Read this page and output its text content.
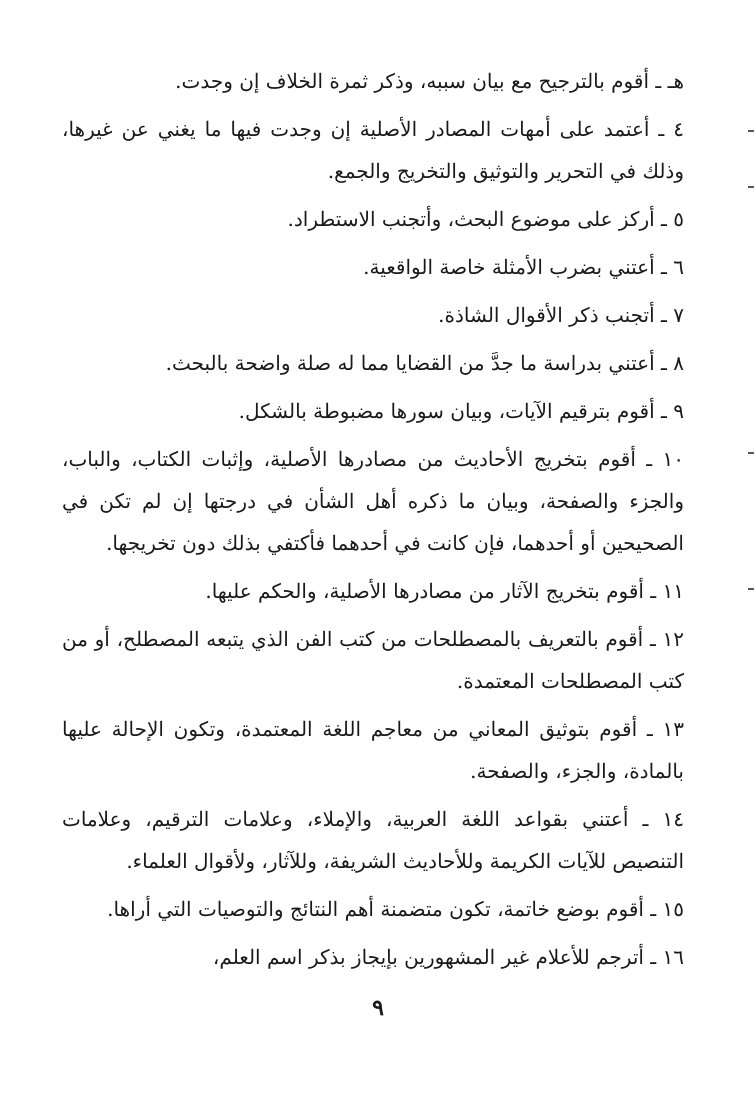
هـ ـ أقوم بالترجيح مع بيان سببه، وذكر ثمرة الخلاف إن وجدت.

٤ ـ أعتمد على أمهات المصادر الأصلية إن وجدت فيها ما يغني عن غيرها، وذلك في التحرير والتوثيق والتخريج والجمع.

٥ ـ أركز على موضوع البحث، وأتجنب الاستطراد.

٦ ـ أعتني بضرب الأمثلة خاصة الواقعية.

٧ ـ أتجنب ذكر الأقوال الشاذة.

٨ ـ أعتني بدراسة ما جدَّ من القضايا مما له صلة واضحة بالبحث.

٩ ـ أقوم بترقيم الآيات، وبيان سورها مضبوطة بالشكل.

١٠ ـ أقوم بتخريج الأحاديث من مصادرها الأصلية، وإثبات الكتاب، والباب، والجزء والصفحة، وبيان ما ذكره أهل الشأن في درجتها إن لم تكن في الصحيحين أو أحدهما، فإن كانت في أحدهما فأكتفي بذلك دون تخريجها.

١١ ـ أقوم بتخريج الآثار من مصادرها الأصلية، والحكم عليها.

١٢ ـ أقوم بالتعريف بالمصطلحات من كتب الفن الذي يتبعه المصطلح، أو من كتب المصطلحات المعتمدة.

١٣ ـ أقوم بتوثيق المعاني من معاجم اللغة المعتمدة، وتكون الإحالة عليها بالمادة، والجزء، والصفحة.

١٤ ـ أعتني بقواعد اللغة العربية، والإملاء، وعلامات الترقيم، وعلامات التنصيص للآيات الكريمة وللأحاديث الشريفة، وللآثار، ولأقوال العلماء.

١٥ ـ أقوم بوضع خاتمة، تكون متضمنة أهم النتائج والتوصيات التي أراها.

١٦ ـ أترجم للأعلام غير المشهورين بإيجاز بذكر اسم العلم،

٩
